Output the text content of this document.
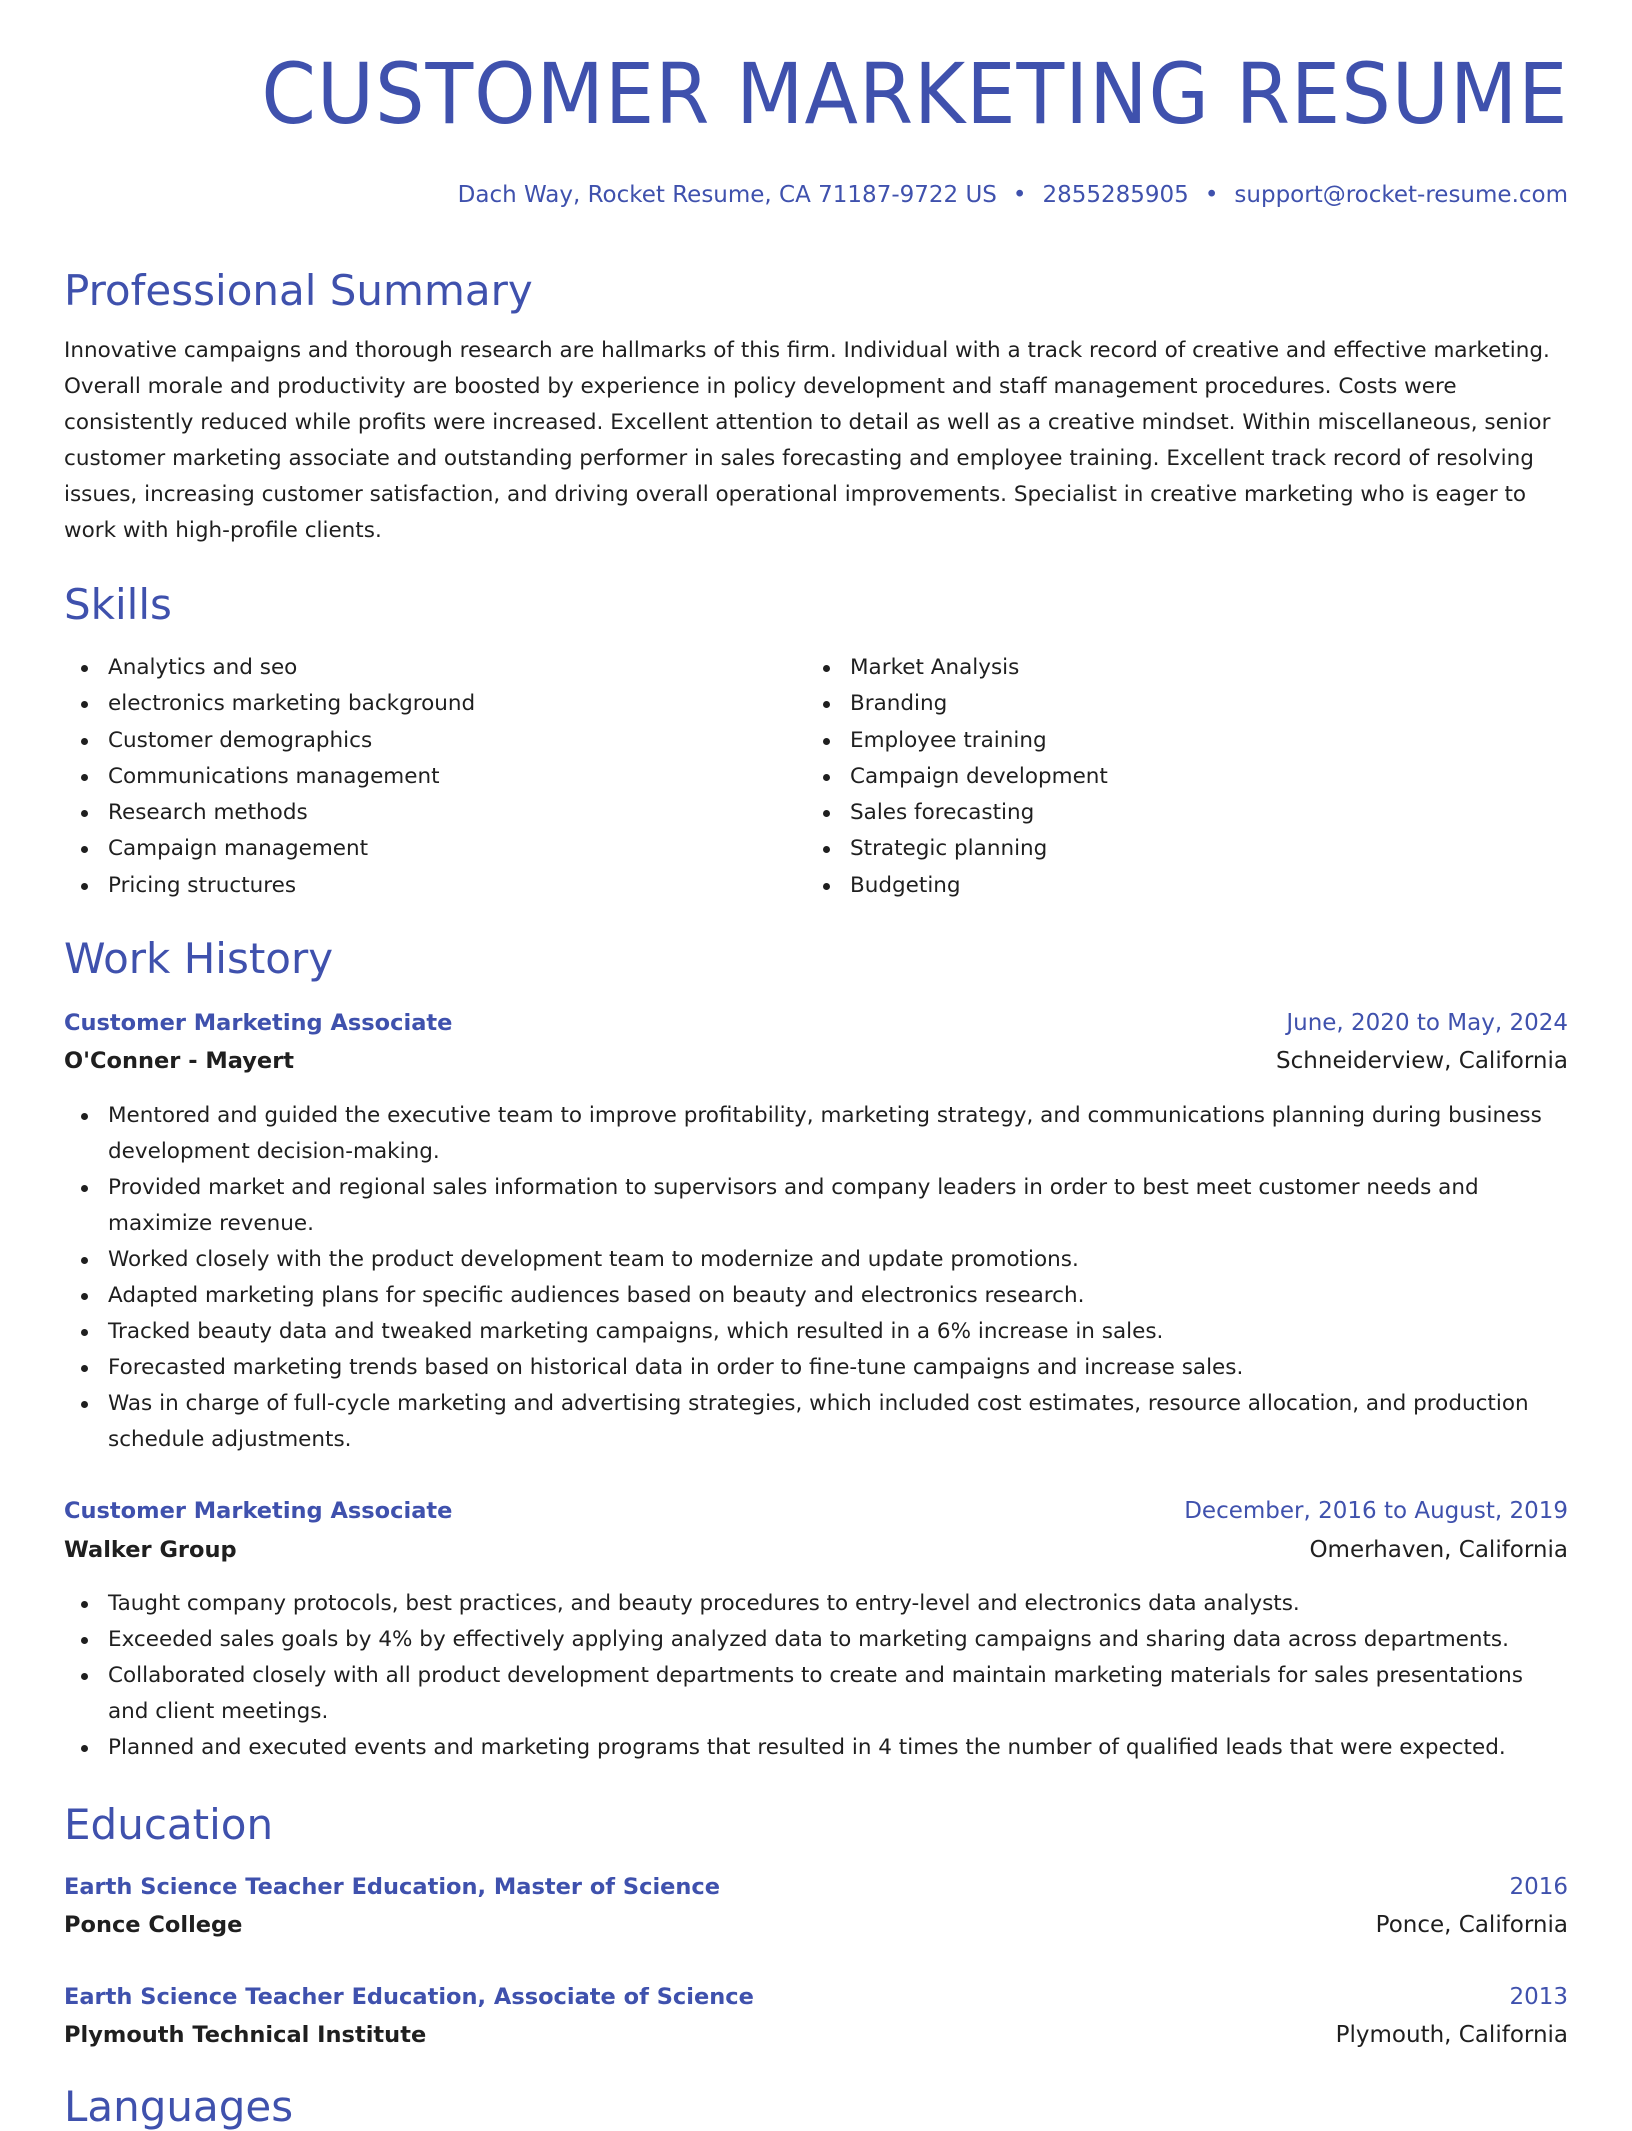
CUSTOMER MARKETING RESUME
Dach Way, Rocket Resume, CA 71187-9722 US • 2855285905 • support@rocket-resume.com
Professional Summary

Innovative campaigns and thorough research are hallmarks of this firm. Individual with a track record of creative and effective marketing. Overall morale and productivity are boosted by experience in policy development and staff management procedures. Costs were consistently reduced while profits were increased. Excellent attention to detail as well as a creative mindset. Within miscellaneous, senior customer marketing associate and outstanding performer in sales forecasting and employee training. Excellent track record of resolving issues, increasing customer satisfaction, and driving overall operational improvements. Specialist in creative marketing who is eager to work with high-profile clients.

Skills
Analytics and seo
electronics marketing background
Customer demographics
Communications management
Research methods
Campaign management
Pricing structures
Market Analysis
Branding
Employee training
Campaign development
Sales forecasting
Strategic planning
Budgeting
Work History
Customer Marketing Associate	June, 2020 to May, 2024
O'Conner - Mayert	Schneiderview, California
Mentored and guided the executive team to improve profitability, marketing strategy, and communications planning during business development decision-making.
Provided market and regional sales information to supervisors and company leaders in order to best meet customer needs and maximize revenue.
Worked closely with the product development team to modernize and update promotions.
Adapted marketing plans for specific audiences based on beauty and electronics research.
Tracked beauty data and tweaked marketing campaigns, which resulted in a 6% increase in sales.
Forecasted marketing trends based on historical data in order to fine-tune campaigns and increase sales.
Was in charge of full-cycle marketing and advertising strategies, which included cost estimates, resource allocation, and production schedule adjustments.
Customer Marketing Associate	December, 2016 to August, 2019
Walker Group	Omerhaven, California
Taught company protocols, best practices, and beauty procedures to entry-level and electronics data analysts.
Exceeded sales goals by 4% by effectively applying analyzed data to marketing campaigns and sharing data across departments.
Collaborated closely with all product development departments to create and maintain marketing materials for sales presentations and client meetings.
Planned and executed events and marketing programs that resulted in 4 times the number of qualified leads that were expected.
Education
Earth Science Teacher Education, Master of Science	2016
Ponce College	Ponce, California
Earth Science Teacher Education, Associate of Science	2013
Plymouth Technical Institute	Plymouth, California
Languages
